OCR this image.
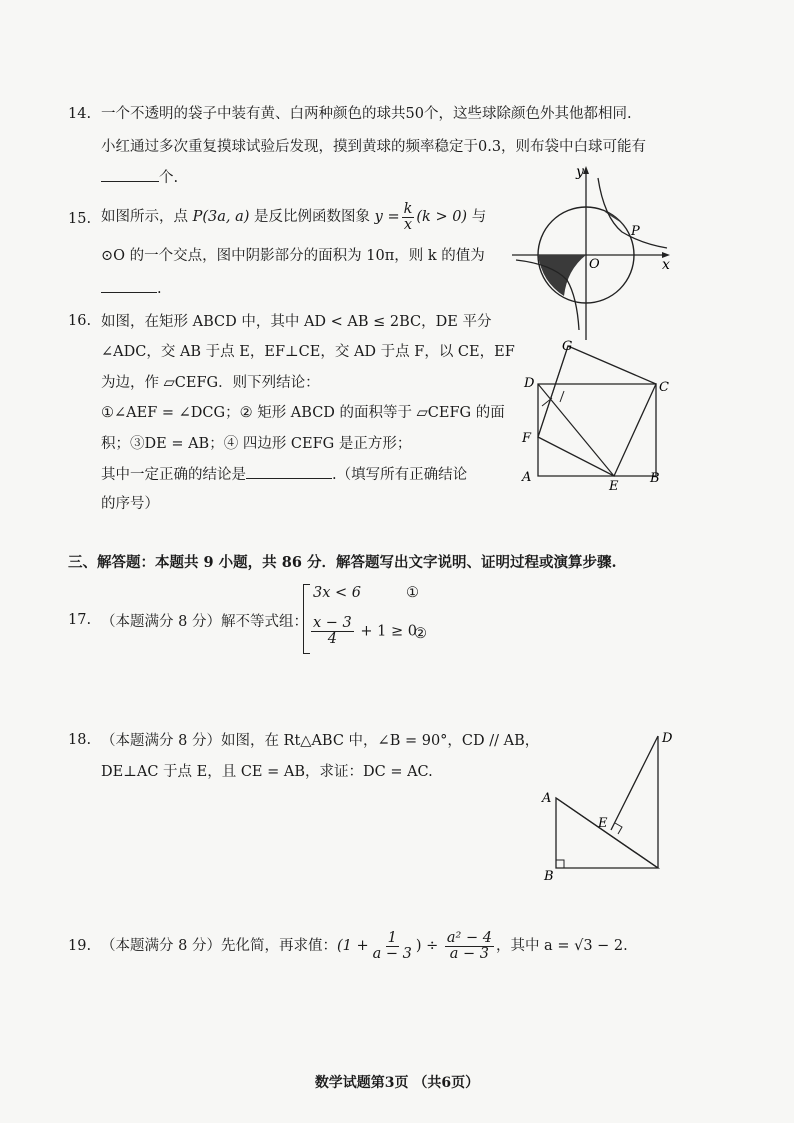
14. 一个不透明的袋子中装有黄、白两种颜色的球共50个，这些球除颜色外其他都相同.
小红通过多次重复摸球试验后发现，摸到黄球的频率稳定于0.3，则布袋中白球可能有
个.
15. 如图所示，点 P(3a, a) 是反比例函数图象 $y = \frac{k}{x} (k > 0)$ 与
⊙O 的一个交点，图中阴影部分的面积为 10π，则 k 的值为
.
y
x
O
P
16. 如图，在矩形 ABCD 中，其中 AD < AB ≤ 2BC，DE 平分
∠ADC，交 AB 于点 E，EF⊥CE，交 AD 于点 F，以 CE，EF
为边，作 ▱CEFG．则下列结论：
①∠AEF = ∠DCG；② 矩形 ABCD 的面积等于 ▱CEFG 的面
积；③DE = AB；④ 四边形 CEFG 是正方形；
其中一定正确的结论是	.（填写所有正确结论
的序号）
G
D	C
F
A
E
B
三、解答题：本题共 9 小题，共 86 分．解答题写出文字说明、证明过程或演算步骤.
17. （本题满分 8 分）解不等式组：
3x < 6	①
$\frac{x - 3}{4} + 1 \ge 0$
②
18. （本题满分 8 分）如图，在 Rt△ABC 中，∠B = 90°，CD // AB，
DE⊥AC 于点 E，且 CE = AB，求证：DC = AC.
D
A
E
B
19. （本题满分 8 分）先化简，再求值：($1 + \frac{1}{a - 3}$ ) ÷ $\frac{\text{a² − 4}}{a - 3}$ ，其中 a = √3 − 2.
数学试题第3页 （共6页）
